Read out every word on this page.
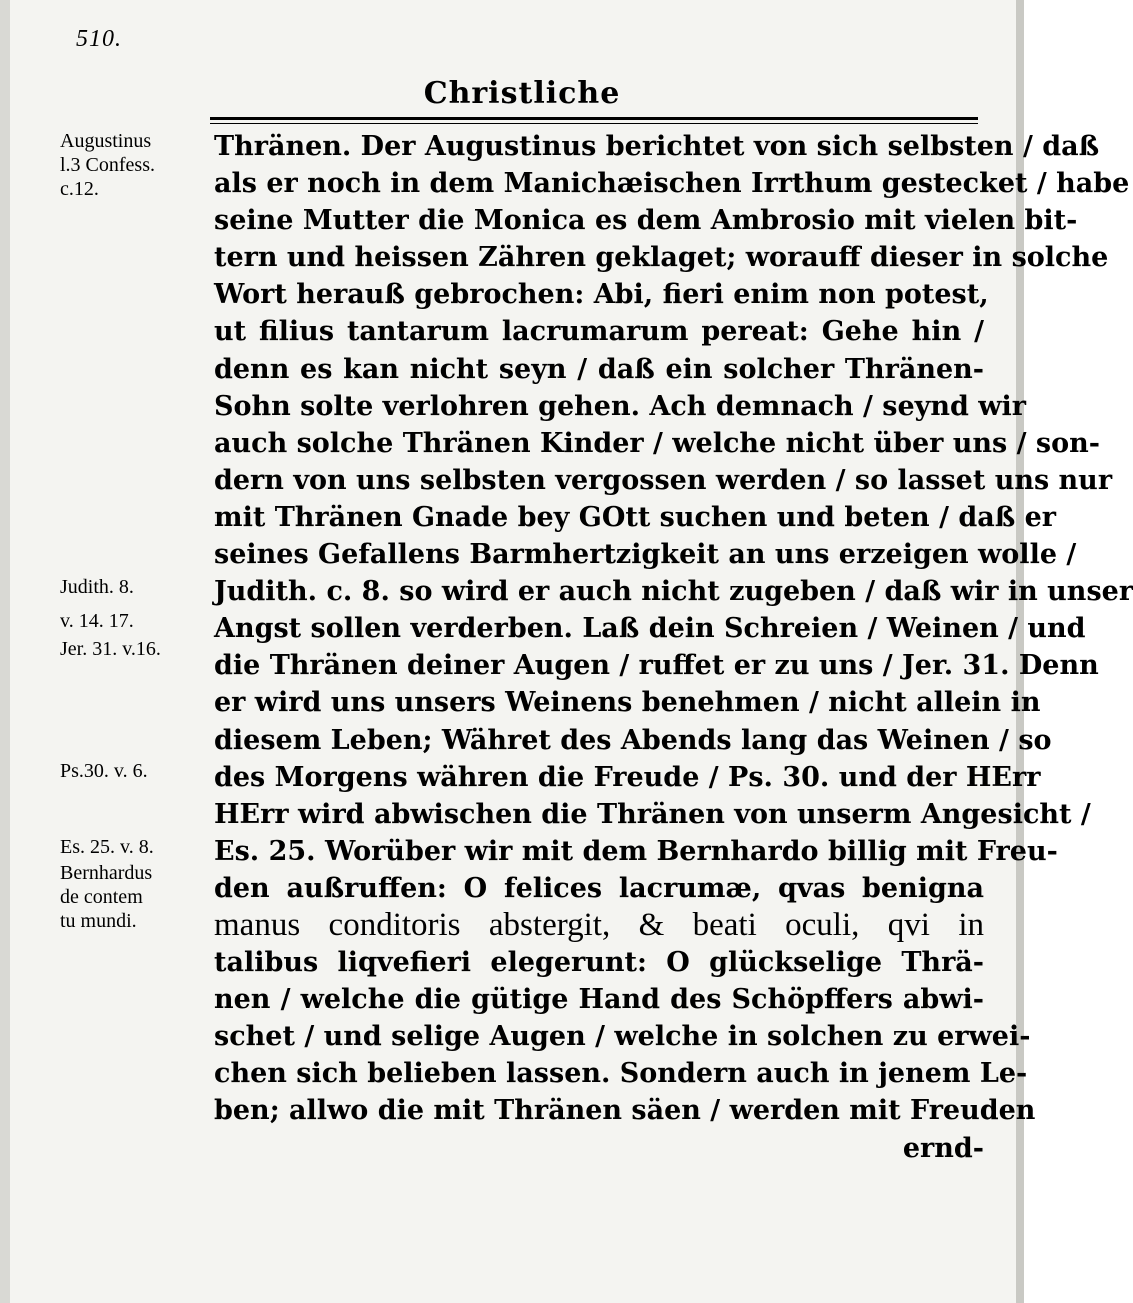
510.
Christliche
Augustinus
l.3 Confess.
c.12.
Judith. 8.
v. 14. 17.
Jer. 31. v.16.
Ps.30. v. 6.
Es. 25. v. 8.
Bernhardus
de contem
tu mundi.
Thränen. Der Augustinus berichtet von sich selbsten / daß
als er noch in dem Manichæischen Irrthum gestecket / habe
seine Mutter die Monica es dem Ambrosio mit vielen bit-
tern und heissen Zähren geklaget; worauff dieser in solche
Wort herauß gebrochen: Abi, fieri enim non potest,
ut filius tantarum lacrumarum pereat: Gehe hin /
denn es kan nicht seyn / daß ein solcher Thränen-
Sohn solte verlohren gehen. Ach demnach / seynd wir
auch solche Thränen Kinder / welche nicht über uns / son-
dern von uns selbsten vergossen werden / so lasset uns nur
mit Thränen Gnade bey GOtt suchen und beten / daß er
seines Gefallens Barmhertzigkeit an uns erzeigen wolle /
Judith. c. 8. so wird er auch nicht zugeben / daß wir in unser
Angst sollen verderben. Laß dein Schreien / Weinen / und
die Thränen deiner Augen / ruffet er zu uns / Jer. 31. Denn
er wird uns unsers Weinens benehmen / nicht allein in
diesem Leben; Währet des Abends lang das Weinen / so
des Morgens währen die Freude / Ps. 30. und der HErr
HErr wird abwischen die Thränen von unserm Angesicht /
Es. 25. Worüber wir mit dem Bernhardo billig mit Freu-
den außruffen: O felices lacrumæ, qvas benigna
manus conditoris abstergit, & beati oculi, qvi in
talibus liqvefieri elegerunt: O glückselige Thrä-
nen / welche die gütige Hand des Schöpffers abwi-
schet / und selige Augen / welche in solchen zu erwei-
chen sich belieben lassen. Sondern auch in jenem Le-
ben; allwo die mit Thränen säen / werden mit Freuden
ernd-
